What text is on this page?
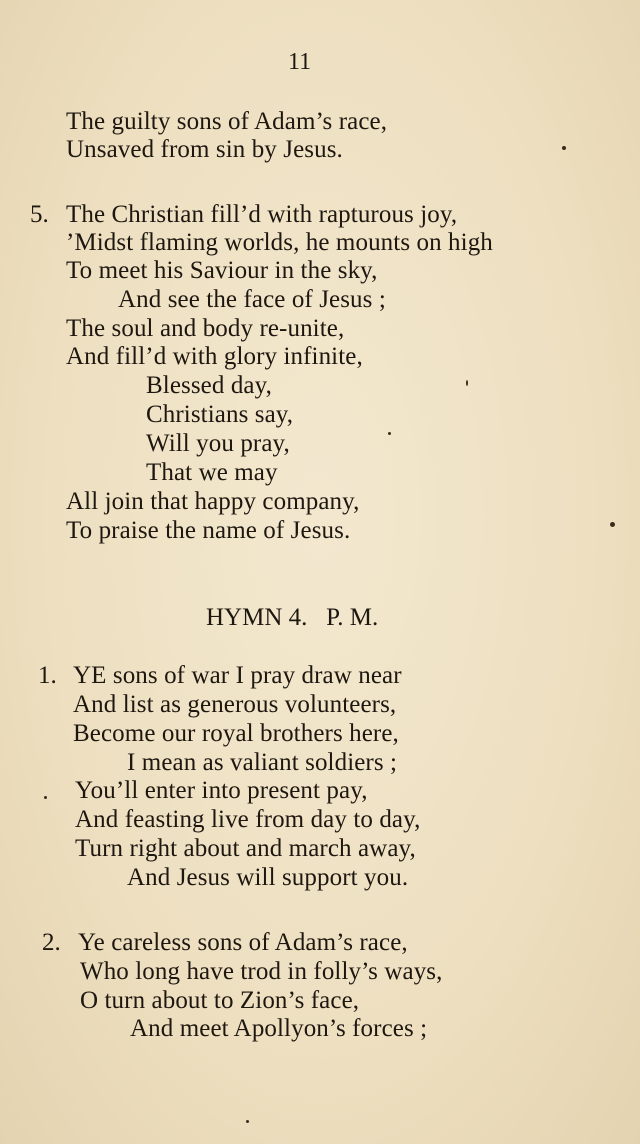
11
The guilty sons of Adam’s race,
Unsaved from sin by Jesus.
5. The Christian fill’d with rapturous joy,
’Midst flaming worlds, he mounts on high
To meet his Saviour in the sky,
And see the face of Jesus ;
The soul and body re-unite,
And fill’d with glory infinite,
Blessed day,
Christians say,
Will you pray,
That we may
All join that happy company,
To praise the name of Jesus.
HYMN 4. P. M.
1. YE sons of war I pray draw near
And list as generous volunteers,
Become our royal brothers here,
I mean as valiant soldiers ;
You’ll enter into present pay,
And feasting live from day to day,
Turn right about and march away,
And Jesus will support you.
2. Ye careless sons of Adam’s race,
Who long have trod in folly’s ways,
O turn about to Zion’s face,
And meet Apollyon’s forces ;
